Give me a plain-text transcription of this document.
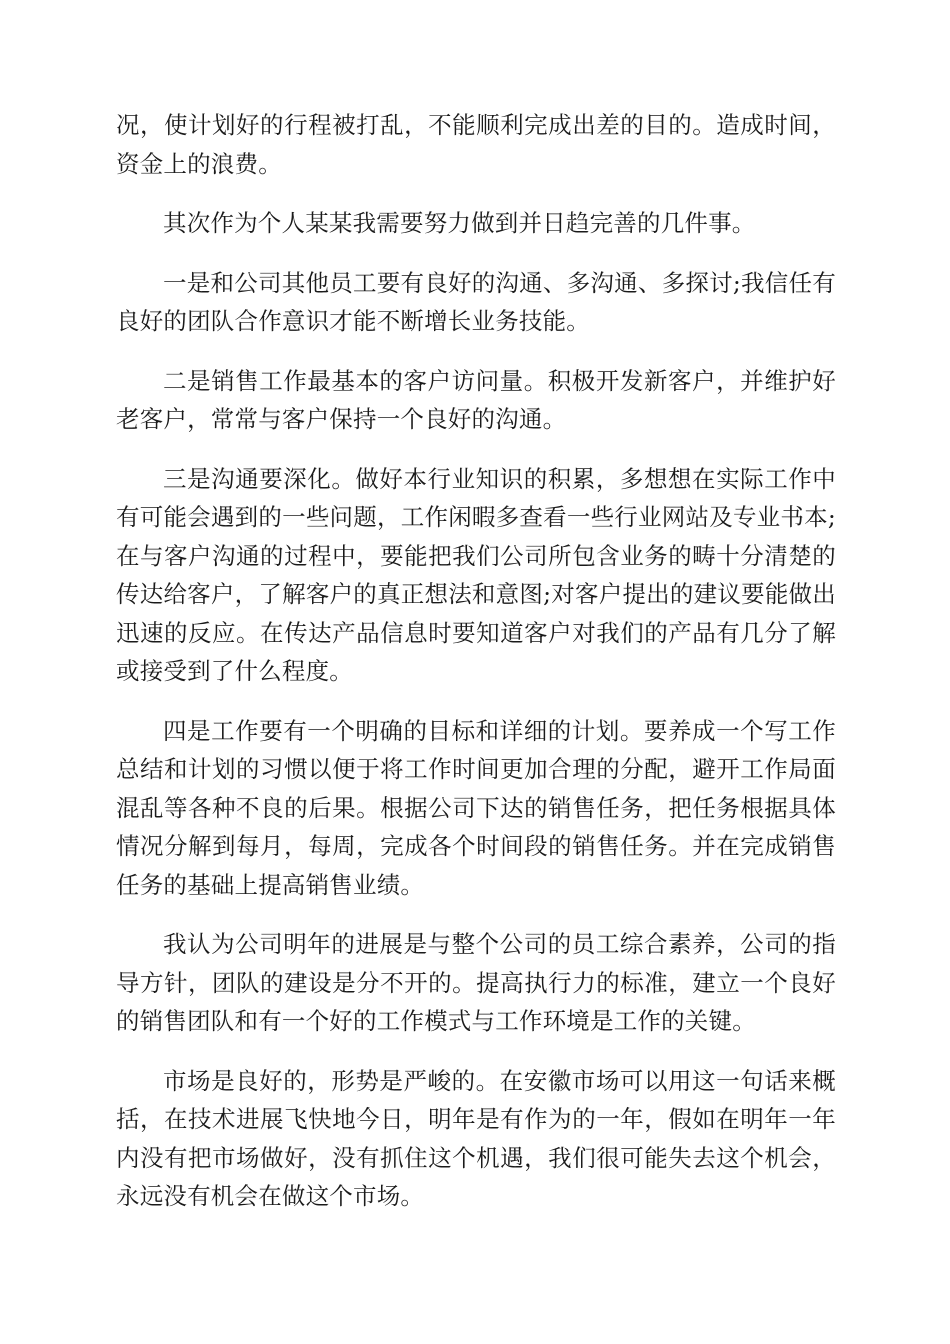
况，使计划好的行程被打乱，不能顺利完成出差的目的。造成时间，资金上的浪费。

其次作为个人某某我需要努力做到并日趋完善的几件事。

一是和公司其他员工要有良好的沟通、多沟通、多探讨;我信任有良好的团队合作意识才能不断增长业务技能。

二是销售工作最基本的客户访问量。积极开发新客户，并维护好老客户，常常与客户保持一个良好的沟通。

三是沟通要深化。做好本行业知识的积累，多想想在实际工作中有可能会遇到的一些问题，工作闲暇多查看一些行业网站及专业书本;在与客户沟通的过程中，要能把我们公司所包含业务的畴十分清楚的传达给客户，了解客户的真正想法和意图;对客户提出的建议要能做出迅速的反应。在传达产品信息时要知道客户对我们的产品有几分了解或接受到了什么程度。

四是工作要有一个明确的目标和详细的计划。要养成一个写工作总结和计划的习惯以便于将工作时间更加合理的分配，避开工作局面混乱等各种不良的后果。根据公司下达的销售任务，把任务根据具体情况分解到每月，每周，完成各个时间段的销售任务。并在完成销售任务的基础上提高销售业绩。

我认为公司明年的进展是与整个公司的员工综合素养，公司的指导方针，团队的建设是分不开的。提高执行力的标准，建立一个良好的销售团队和有一个好的工作模式与工作环境是工作的关键。

市场是良好的，形势是严峻的。在安徽市场可以用这一句话来概括，在技术进展飞快地今日，明年是有作为的一年，假如在明年一年内没有把市场做好，没有抓住这个机遇，我们很可能失去这个机会，永远没有机会在做这个市场。
